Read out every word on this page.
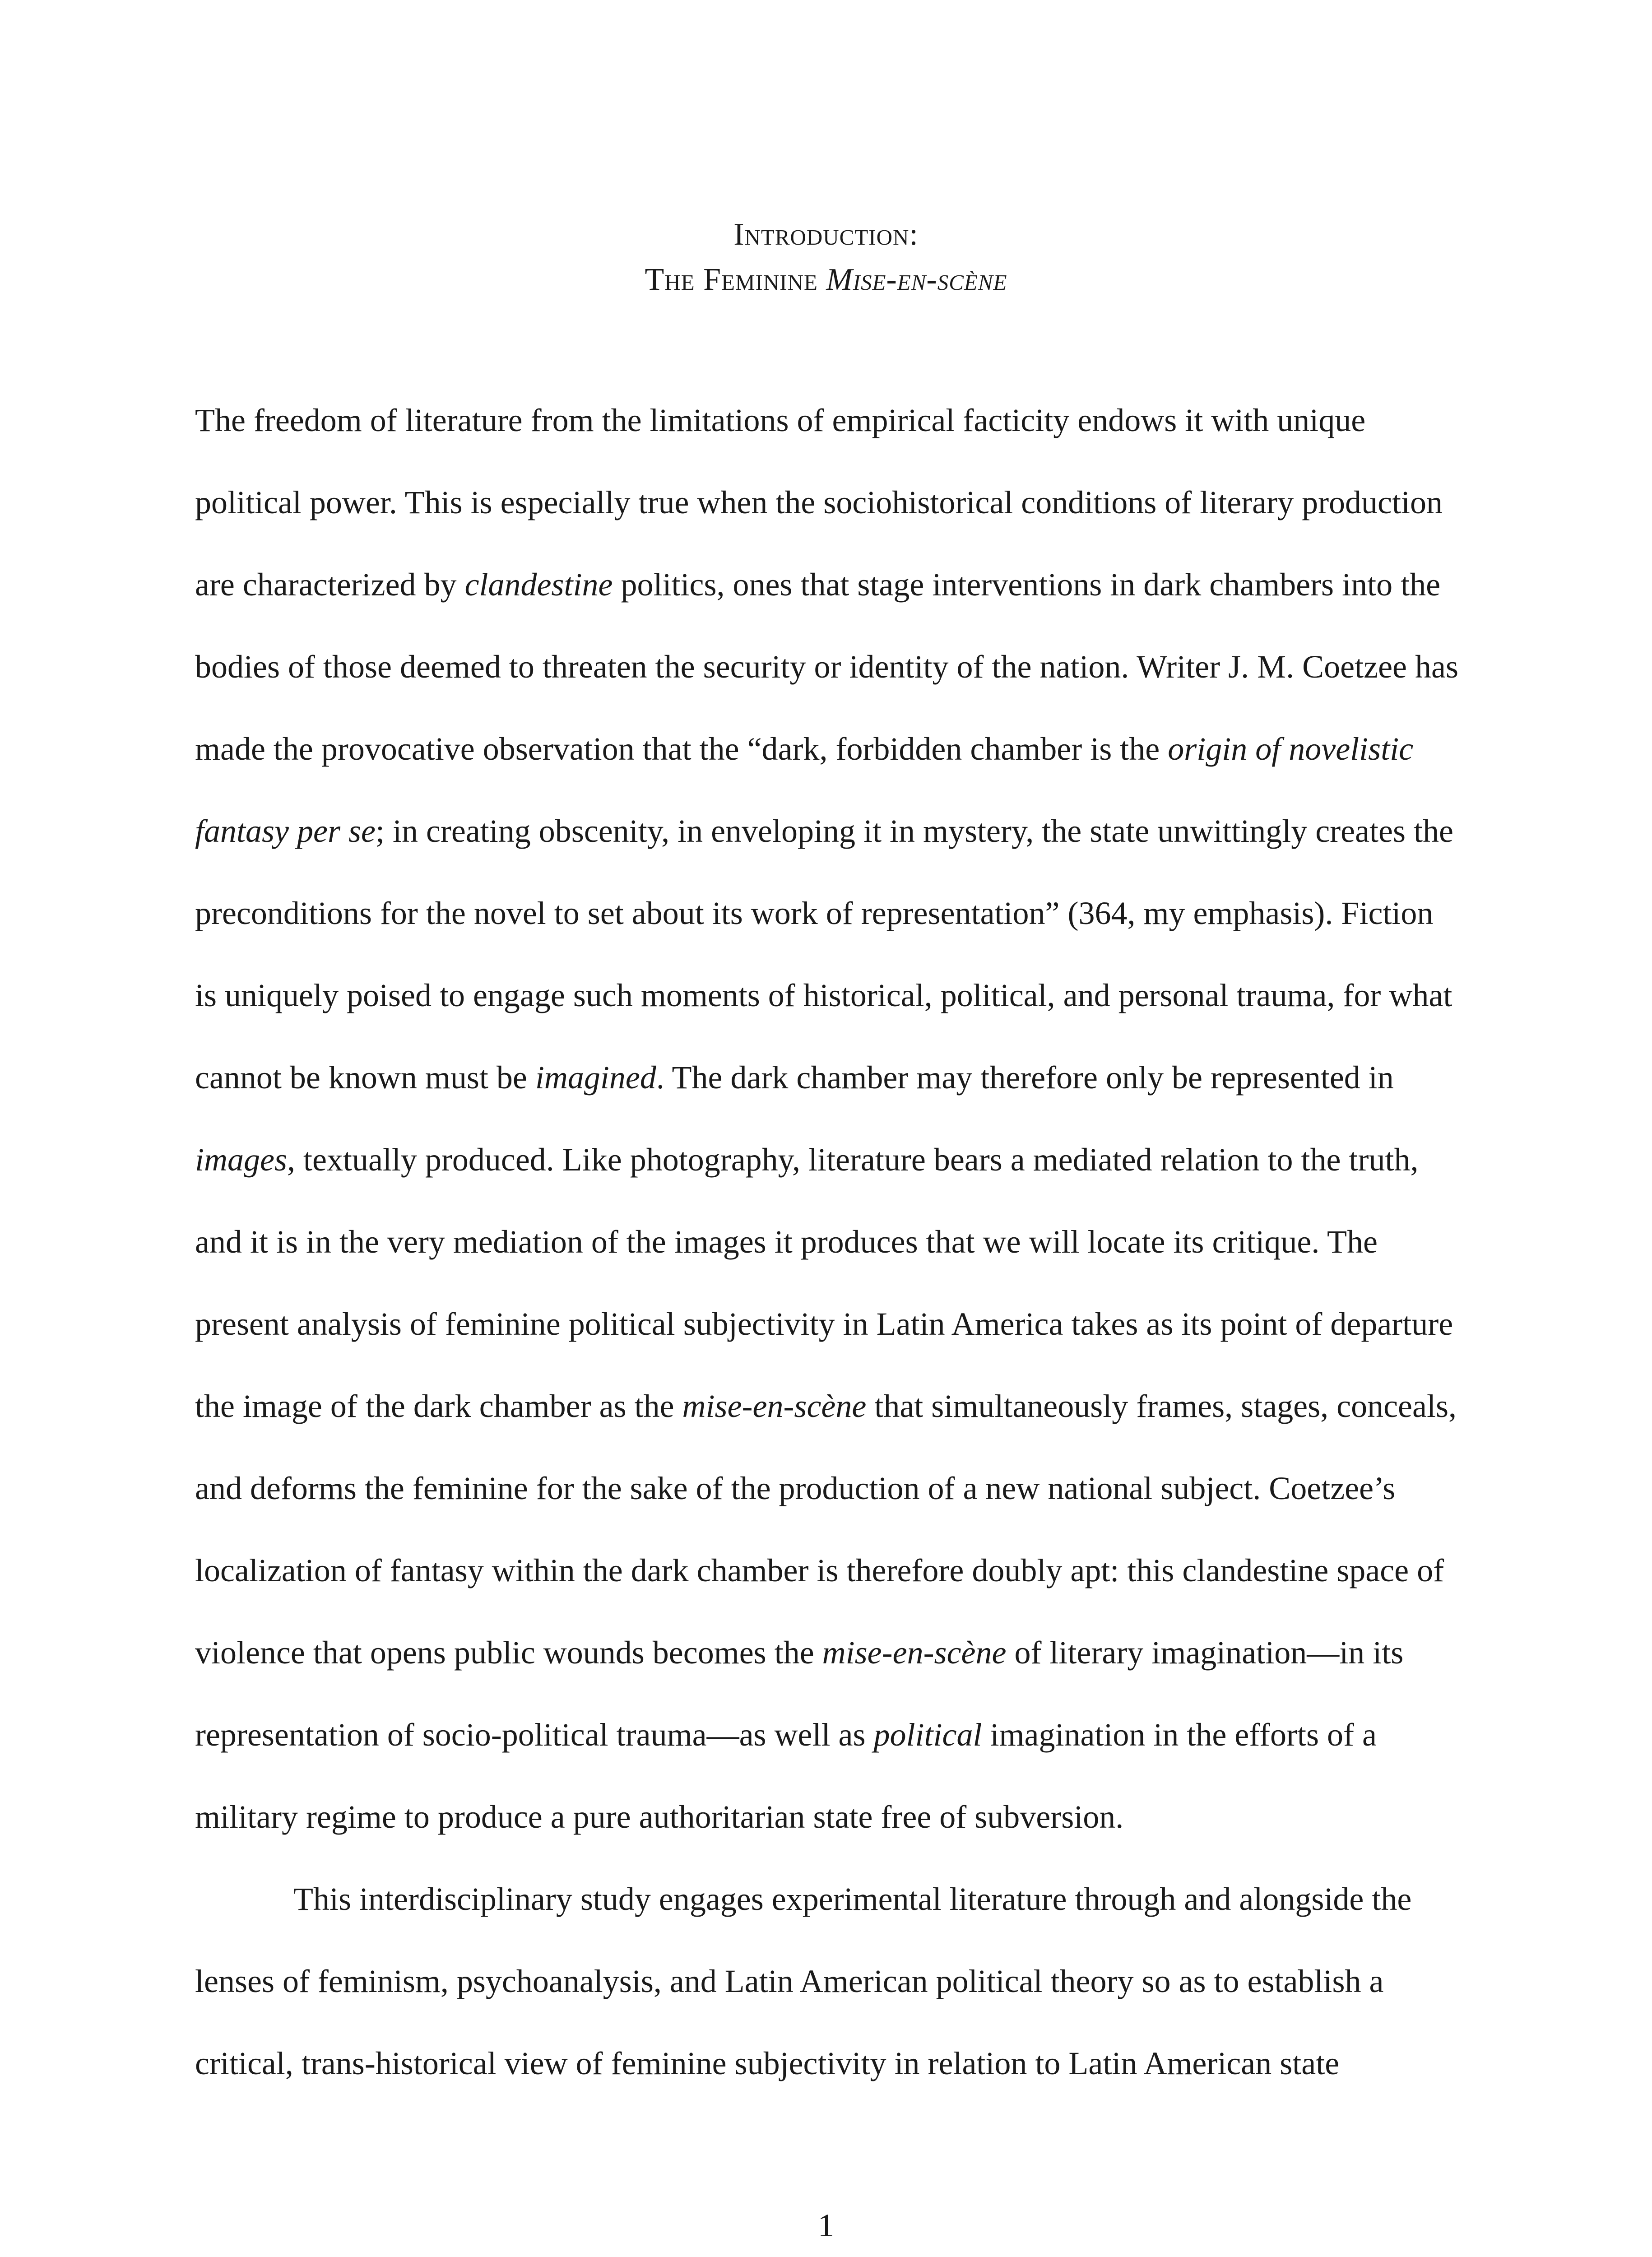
Introduction:
The Feminine Mise-en-scène
The freedom of literature from the limitations of empirical facticity endows it with unique
political power. This is especially true when the sociohistorical conditions of literary production
are characterized by clandestine politics, ones that stage interventions in dark chambers into the
bodies of those deemed to threaten the security or identity of the nation. Writer J. M. Coetzee has
made the provocative observation that the “dark, forbidden chamber is the origin of novelistic
fantasy per se; in creating obscenity, in enveloping it in mystery, the state unwittingly creates the
preconditions for the novel to set about its work of representation” (364, my emphasis). Fiction
is uniquely poised to engage such moments of historical, political, and personal trauma, for what
cannot be known must be imagined. The dark chamber may therefore only be represented in
images, textually produced. Like photography, literature bears a mediated relation to the truth,
and it is in the very mediation of the images it produces that we will locate its critique. The
present analysis of feminine political subjectivity in Latin America takes as its point of departure
the image of the dark chamber as the mise-en-scène that simultaneously frames, stages, conceals,
and deforms the feminine for the sake of the production of a new national subject. Coetzee’s
localization of fantasy within the dark chamber is therefore doubly apt: this clandestine space of
violence that opens public wounds becomes the mise-en-scène of literary imagination—in its
representation of socio-political trauma—as well as political imagination in the efforts of a
military regime to produce a pure authoritarian state free of subversion.
This interdisciplinary study engages experimental literature through and alongside the
lenses of feminism, psychoanalysis, and Latin American political theory so as to establish a
critical, trans-historical view of feminine subjectivity in relation to Latin American state
1
